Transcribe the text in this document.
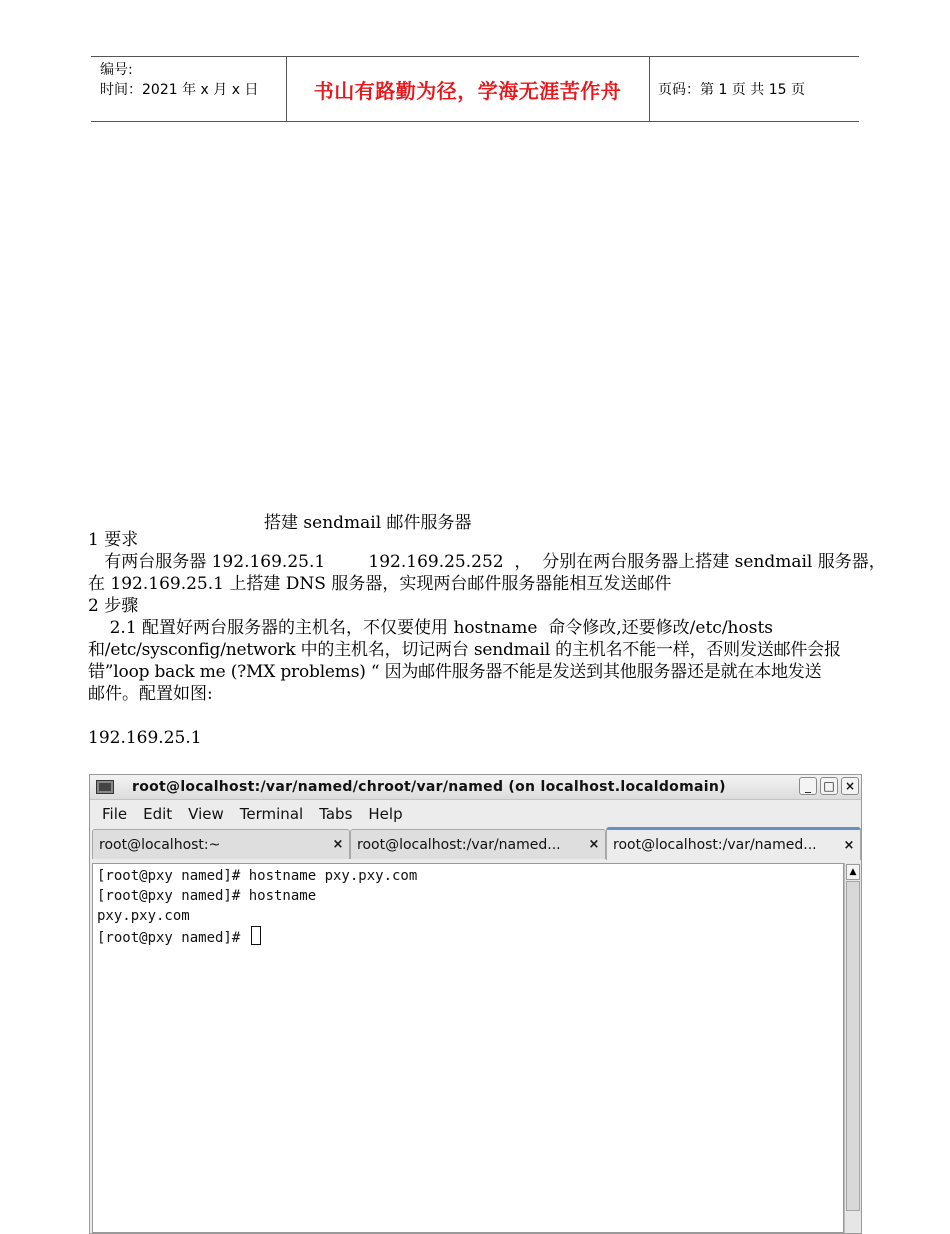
编号:
时间：2021 年 x 月 x 日	书山有路勤为径，学海无涯苦作舟	页码：第 1 页 共 15 页
搭建 sendmail 邮件服务器
1 要求
有两台服务器 192.169.25.1        192.169.25.252  ，  分别在两台服务器上搭建 sendmail 服务器，
在 192.169.25.1 上搭建 DNS 服务器，实现两台邮件服务器能相互发送邮件
2 步骤
2.1 配置好两台服务器的主机名，不仅要使用 hostname  命令修改,还要修改/etc/hosts
和/etc/sysconfig/network 中的主机名，切记两台 sendmail 的主机名不能一样，否则发送邮件会报
错”loop back me (?MX problems) “ 因为邮件服务器不能是发送到其他服务器还是就在本地发送
邮件。配置如图:
192.169.25.1
root@localhost:/var/named/chroot/var/named (on localhost.localdomain)	_	□ ×
File Edit View Terminal Tabs Help
root@localhost:~	× root@localhost:/var/named...	× root@localhost:/var/named...	×
[root@pxy named]# hostname pxy.pxy.com
[root@pxy named]# hostname
pxy.pxy.com
[root@pxy named]#
▲
